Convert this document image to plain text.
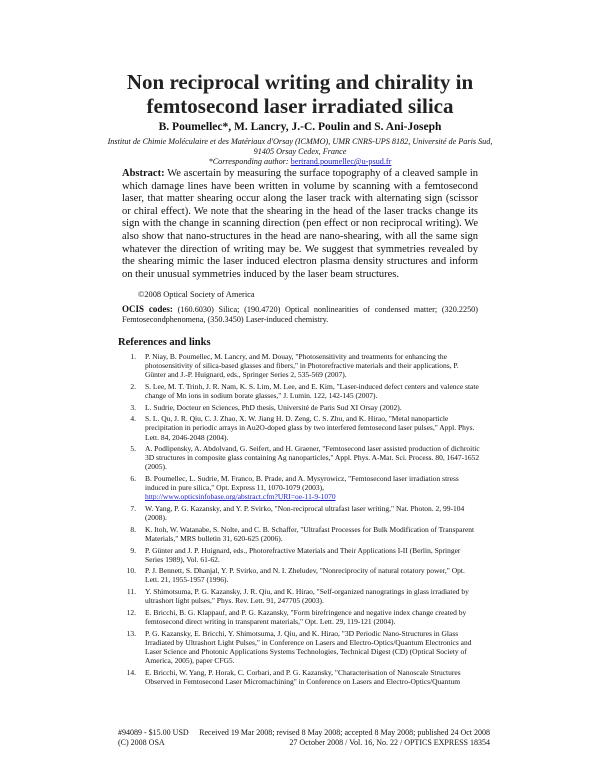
Non reciprocal writing and chirality in
femtosecond laser irradiated silica
B. Poumellec*, M. Lancry, J.-C. Poulin and S. Ani-Joseph
Institut de Chimie Moléculaire et des Matériaux d'Orsay (ICMMO), UMR CNRS-UPS 8182, Université de Paris Sud,
91405 Orsay Cedex, France
*Corresponding author: bertrand.poumellec@u-psud.fr
Abstract: We ascertain by measuring the surface topography of a cleaved sample in which damage lines have been written in volume by scanning with a femtosecond laser, that matter shearing occur along the laser track with alternating sign (scissor or chiral effect). We note that the shearing in the head of the laser tracks change its sign with the change in scanning direction (pen effect or non reciprocal writing). We also show that nano-structures in the head are nano-shearing, with all the same sign whatever the direction of writing may be. We suggest that symmetries revealed by the shearing mimic the laser induced electron plasma density structures and inform on their unusual symmetries induced by the laser beam structures.
©2008 Optical Society of America
OCIS codes: (160.6030) Silica; (190.4720) Optical nonlinearities of condensed matter; (320.2250) Femtosecondphenomena, (350.3450) Laser-induced chemistry.
References and links
1. P. Niay, B. Poumellec, M. Lancry, and M. Douay, "Photosensitivity and treatments for enhancing the photosensitivity of silica-based glasses and fibers," in Photorefractive materials and their applications, P. Günter and J.-P. Huignard, eds., Springer Series 2, 535-569 (2007).
2. S. Lee, M. T. Trinh, J. R. Nam, K. S. Lim, M. Lee, and E. Kim, "Laser-induced defect centers and valence state change of Mn ions in sodium borate glasses," J. Lumin. 122, 142-145 (2007).
3. L. Sudrie, Docteur en Sciences, PhD thesis, Université de Paris Sud XI Orsay (2002).
4. S. L. Qu, J. R. Qiu, C. J. Zhao, X. W. Jiang H. D. Zeng, C. S. Zhu, and K. Hirao, "Metal nanoparticle precipitation in periodic arrays in Au2O-doped glass by two interfered femtosecond laser pulses," Appl. Phys. Lett. 84, 2046-2048 (2004).
5. A. Podlipensky, A. Abdolvand, G. Seifert, and H. Graener, "Femtosecond laser assisted production of dichroitic 3D structures in composite glass containing Ag nanoparticles," Appl. Phys. A-Mat. Sci. Process. 80, 1647-1652 (2005).
6. B. Poumellec, L. Sudrie, M. Franco, B. Prade, and A. Mysyrowicz, "Femtosecond laser irradiation stress induced in pure silica," Opt. Express 11, 1070-1079 (2003),
http://www.opticsinfobase.org/abstract.cfm?URI=oe-11-9-1070
7. W. Yang, P. G. Kazansky, and Y. P. Svirko, "Non-reciprocal ultrafast laser writing," Nat. Photon. 2, 99-104 (2008).
8. K. Itoh, W. Watanabe, S. Nolte, and C. B. Schaffer, "Ultrafast Processes for Bulk Modification of Transparent Materials," MRS bulletin 31, 620-625 (2006).
9. P. Günter and J. P. Huignard, eds., Photorefractive Materials and Their Applications I-II (Berlin, Springer Series 1989), Vol. 61-62.
10. P. J. Bennett, S. Dhanjal, Y. P. Svirko, and N. I. Zheludev, "Nonreciprocity of natural rotatory power," Opt. Lett. 21, 1955-1957 (1996).
11. Y. Shimotsuma, P. G. Kazansky, J. R. Qiu, and K. Hirao, "Self-organized nanogratings in glass irradiated by ultrashort light pulses," Phys. Rev. Lett. 91, 247705 (2003).
12. E. Bricchi, B. G. Klappauf, and P. G. Kazansky, "Form birefringence and negative index change created by femtosecond direct writing in transparent materials," Opt. Lett. 29, 119-121 (2004).
13. P. G. Kazansky, E. Bricchi, Y. Shimotsuma, J. Qiu, and K. Hirao, "3D Periodic Nano-Structures in Glass Irradiated by Ultrashort Light Pulses," in Conference on Lasers and Electro-Optics/Quantum Electronics and Laser Science and Photonic Applications Systems Technologies, Technical Digest (CD) (Optical Society of America, 2005), paper CFG5.
14. E. Bricchi, W. Yang, P. Horak, C. Corbari, and P. G. Kazansky, "Characterisation of Nanoscale Structures Observed in Femtosecond Laser Micromachining" in Conference on Lasers and Electro-Optics/Quantum
#94089 - $15.00 USD Received 19 Mar 2008; revised 8 May 2008; accepted 8 May 2008; published 24 Oct 2008
(C) 2008 OSA	27 October 2008 / Vol. 16, No. 22 / OPTICS EXPRESS 18354
